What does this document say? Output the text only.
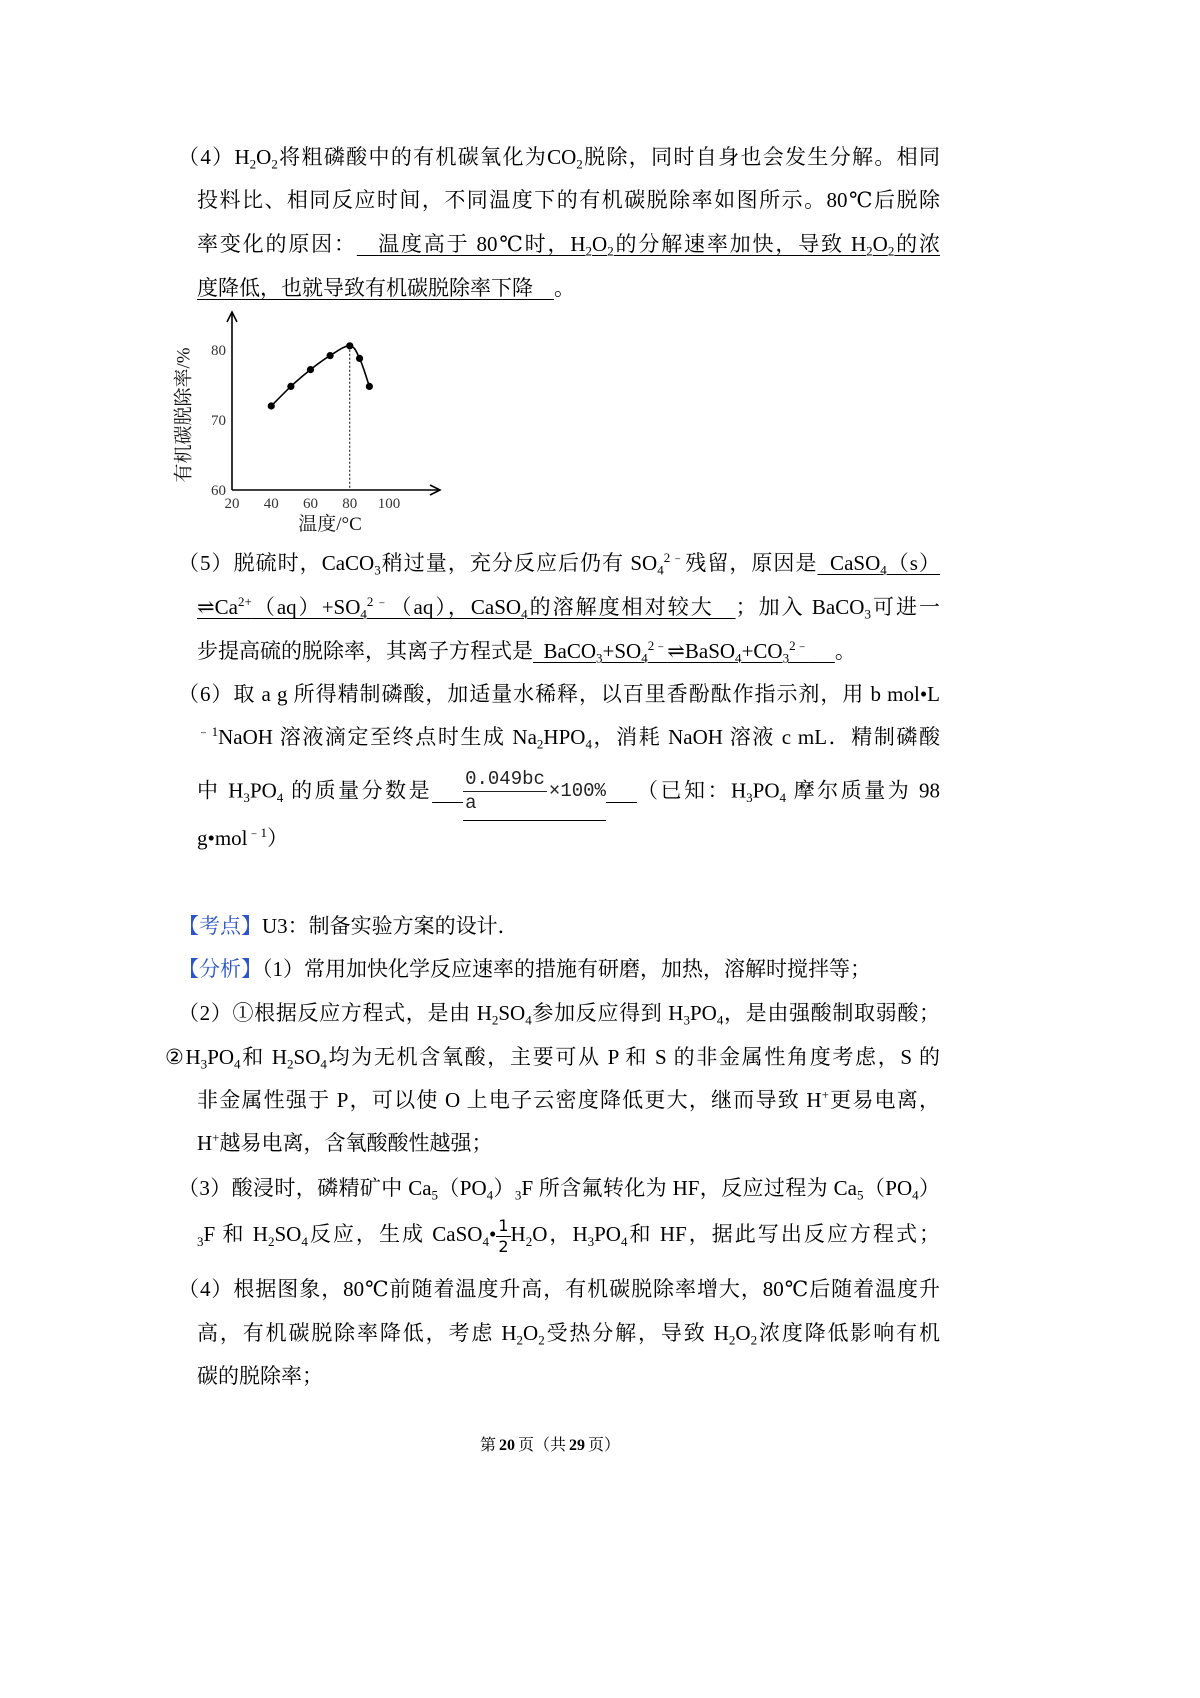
$(4)H_2O_2$将粗磷酸中的有机碳氧化为$CO_2$脱除，同时自身也会发生分解。相同
投料比、相同反应时间，不同温度下的有机碳脱除率如图所示。80℃后脱除
率变化的原因：   温度高于 80℃时，$H_2O_2$的分解速率加快，导致 $H_2O_2$的浓
度降低，也就导致有机碳脱除率下降    。
60
70
80
20 40 60 80 100
温度/°C
有机碳脱除率/%
（5）脱硫时，CaCO$_3$稍过量，充分反应后仍有 $SO_4^{2﹣}$残留，原因是  CaSO$_4$（s）
$\rightleftharpoons Ca^{2+}(aq)+SO_4^{2﹣}(aq)$，CaSO$_4$的溶解度相对较大   ；加入 BaCO$_3$可进一
步提高硫的脱除率，其离子方程式是  $BaCO_3+SO_4^{2﹣}\rightleftharpoons BaSO_4+CO_3^{2﹣}$ 。
（6）取 a g 所得精制磷酸，加适量水稀释，以百里香酚酞作指示剂，用 b mol•L
$^{﹣1}$NaOH 溶液滴定至终点时生成 $Na_2HPO_4$，消耗 NaOH 溶液 c mL．精制磷酸
中 $H_3PO_4$ 的质量分数是 $\frac{0.049bc}{a} \times 100\%$ （已知：$H_3PO_4$ 摩尔质量为 98
g•mol$^{﹣1}$）
【考点】U3：制备实验方案的设计．
【分析】（1）常用加快化学反应速率的措施有研磨，加热，溶解时搅拌等；
（2）①根据反应方程式，是由 $H_2SO_4$参加反应得到 $H_3PO_4$，是由强酸制取弱酸；
$②H_3PO_4$和 $H_2SO_4$均为无机含氧酸，主要可从 P 和 S 的非金属性角度考虑，S 的
非金属性强于 P，可以使 O 上电子云密度降低更大，继而导致 H+更易电离，
H+越易电离，含氧酸酸性越强；
（3）酸浸时，磷精矿中 $Ca_5(PO_4)_3F$ 所含氟转化为 HF，反应过程为 $Ca_5(PO_4)$
$_3$F 和 $H_2SO_4$反应，生成 CaSO$_4$• $\frac{1}{2} H_2O$，$H_3PO_4$和 HF，据此写出反应方程式；
（4）根据图象，80℃前随着温度升高，有机碳脱除率增大，80℃后随着温度升
高，有机碳脱除率降低，考虑 $H_2O_2$受热分解，导致 $H_2O_2$浓度降低影响有机
碳的脱除率；
第 20 页（共 29 页）
